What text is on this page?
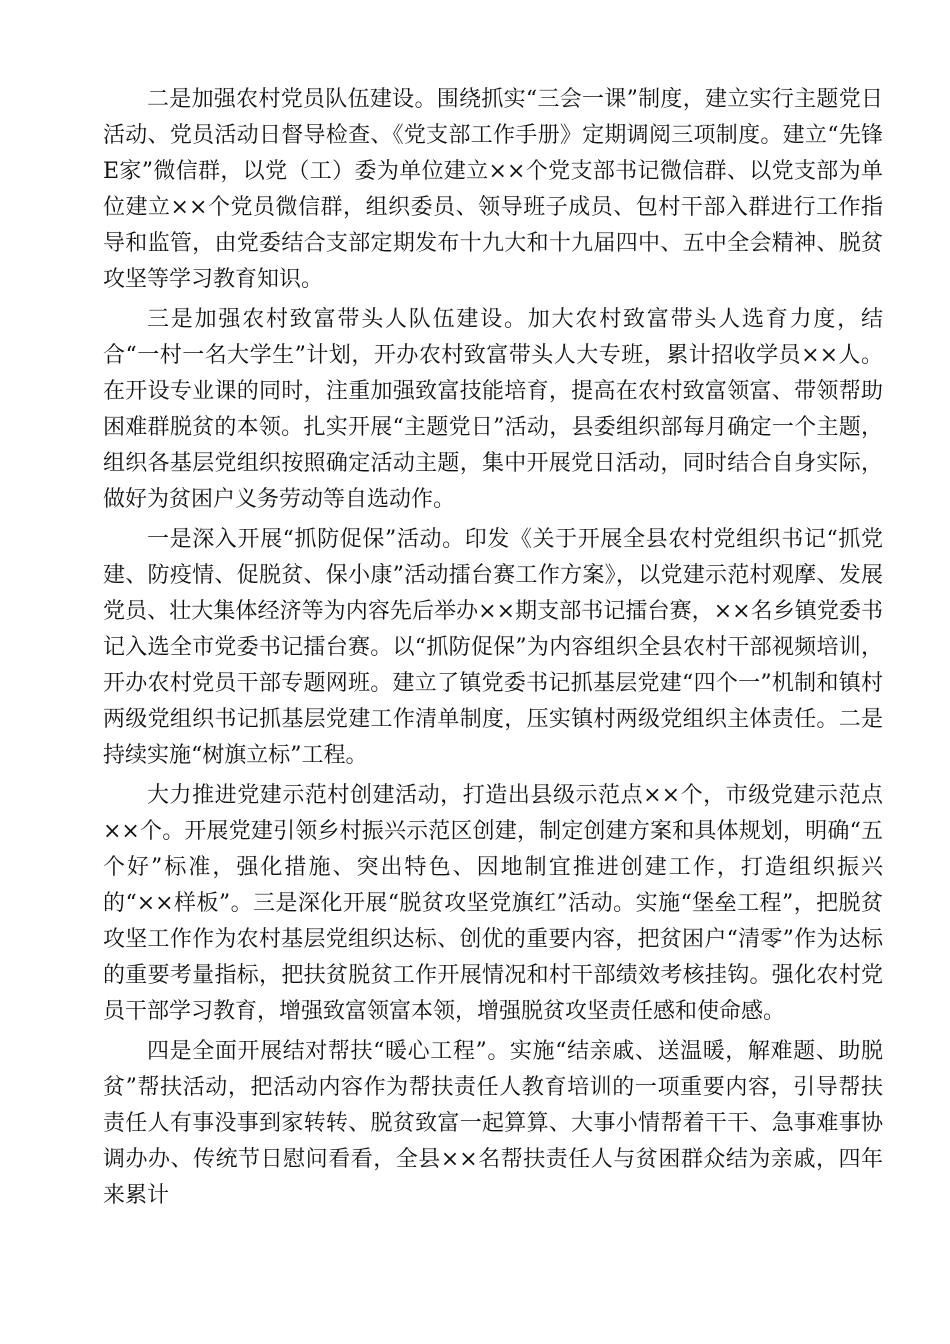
二是加强农村党员队伍建设。围绕抓实“三会一课”制度，建立实行主题党日活动、党员活动日督导检查、《党支部工作手册》定期调阅三项制度。建立“先锋E家”微信群，以党（工）委为单位建立××个党支部书记微信群、以党支部为单位建立××个党员微信群，组织委员、领导班子成员、包村干部入群进行工作指导和监管，由党委结合支部定期发布十九大和十九届四中、五中全会精神、脱贫攻坚等学习教育知识。

三是加强农村致富带头人队伍建设。加大农村致富带头人选育力度，结合“一村一名大学生”计划，开办农村致富带头人大专班，累计招收学员××人。在开设专业课的同时，注重加强致富技能培育，提高在农村致富领富、带领帮助困难群脱贫的本领。扎实开展“主题党日”活动，县委组织部每月确定一个主题，组织各基层党组织按照确定活动主题，集中开展党日活动，同时结合自身实际，做好为贫困户义务劳动等自选动作。

一是深入开展“抓防促保”活动。印发《关于开展全县农村党组织书记“抓党建、防疫情、促脱贫、保小康”活动擂台赛工作方案》，以党建示范村观摩、发展党员、壮大集体经济等为内容先后举办××期支部书记擂台赛，××名乡镇党委书记入选全市党委书记擂台赛。以“抓防促保”为内容组织全县农村干部视频培训，开办农村党员干部专题网班。建立了镇党委书记抓基层党建“四个一”机制和镇村两级党组织书记抓基层党建工作清单制度，压实镇村两级党组织主体责任。二是持续实施“树旗立标”工程。

大力推进党建示范村创建活动，打造出县级示范点××个，市级党建示范点××个。开展党建引领乡村振兴示范区创建，制定创建方案和具体规划，明确“五个好”标准，强化措施、突出特色、因地制宜推进创建工作，打造组织振兴的“××样板”。三是深化开展“脱贫攻坚党旗红”活动。实施“堡垒工程”，把脱贫攻坚工作作为农村基层党组织达标、创优的重要内容，把贫困户“清零”作为达标的重要考量指标，把扶贫脱贫工作开展情况和村干部绩效考核挂钩。强化农村党员干部学习教育，增强致富领富本领，增强脱贫攻坚责任感和使命感。

四是全面开展结对帮扶“暖心工程”。实施“结亲戚、送温暖，解难题、助脱贫”帮扶活动，把活动内容作为帮扶责任人教育培训的一项重要内容，引导帮扶责任人有事没事到家转转、脱贫致富一起算算、大事小情帮着干干、急事难事协调办办、传统节日慰问看看，全县××名帮扶责任人与贫困群众结为亲戚，四年来累计
